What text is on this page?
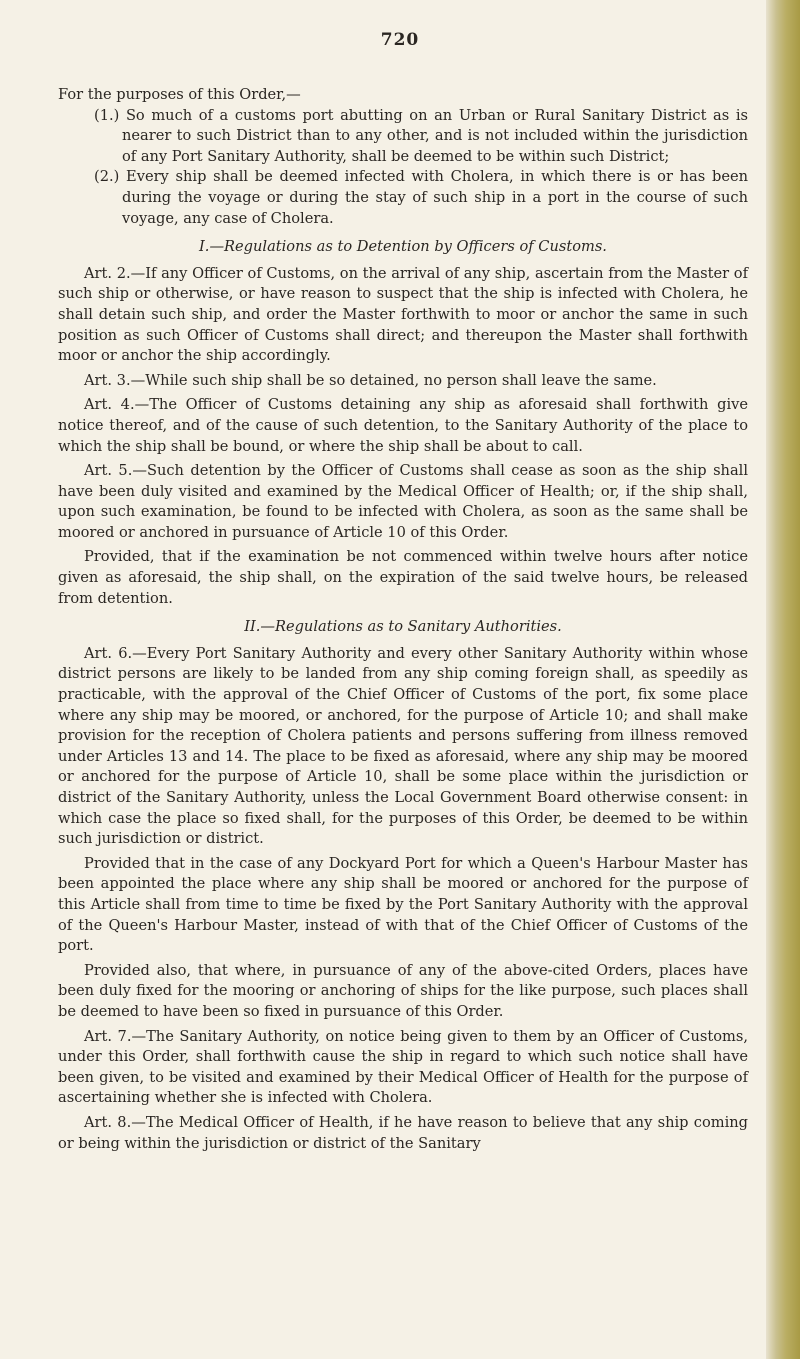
720

For the purposes of this Order,—

(1.) So much of a customs port abutting on an Urban or Rural Sanitary District as is nearer to such District than to any other, and is not included within the jurisdiction of any Port Sanitary Authority, shall be deemed to be within such District;

(2.) Every ship shall be deemed infected with Cholera, in which there is or has been during the voyage or during the stay of such ship in a port in the course of such voyage, any case of Cholera.

I.—Regulations as to Detention by Officers of Customs.

Art. 2.—If any Officer of Customs, on the arrival of any ship, ascertain from the Master of such ship or otherwise, or have reason to suspect that the ship is infected with Cholera, he shall detain such ship, and order the Master forthwith to moor or anchor the same in such position as such Officer of Customs shall direct; and thereupon the Master shall forthwith moor or anchor the ship accordingly.

Art. 3.—While such ship shall be so detained, no person shall leave the same.

Art. 4.—The Officer of Customs detaining any ship as aforesaid shall forthwith give notice thereof, and of the cause of such detention, to the Sanitary Authority of the place to which the ship shall be bound, or where the ship shall be about to call.

Art. 5.—Such detention by the Officer of Customs shall cease as soon as the ship shall have been duly visited and examined by the Medical Officer of Health; or, if the ship shall, upon such examination, be found to be infected with Cholera, as soon as the same shall be moored or anchored in pursuance of Article 10 of this Order.

Provided, that if the examination be not commenced within twelve hours after notice given as aforesaid, the ship shall, on the expiration of the said twelve hours, be released from detention.

II.—Regulations as to Sanitary Authorities.

Art. 6.—Every Port Sanitary Authority and every other Sanitary Authority within whose district persons are likely to be landed from any ship coming foreign shall, as speedily as practicable, with the approval of the Chief Officer of Customs of the port, fix some place where any ship may be moored, or anchored, for the purpose of Article 10; and shall make provision for the reception of Cholera patients and persons suffering from illness removed under Articles 13 and 14. The place to be fixed as aforesaid, where any ship may be moored or anchored for the purpose of Article 10, shall be some place within the jurisdiction or district of the Sanitary Authority, unless the Local Government Board otherwise consent: in which case the place so fixed shall, for the purposes of this Order, be deemed to be within such jurisdiction or district.

Provided that in the case of any Dockyard Port for which a Queen's Harbour Master has been appointed the place where any ship shall be moored or anchored for the purpose of this Article shall from time to time be fixed by the Port Sanitary Authority with the approval of the Queen's Harbour Master, instead of with that of the Chief Officer of Customs of the port.

Provided also, that where, in pursuance of any of the above-cited Orders, places have been duly fixed for the mooring or anchoring of ships for the like purpose, such places shall be deemed to have been so fixed in pursuance of this Order.

Art. 7.—The Sanitary Authority, on notice being given to them by an Officer of Customs, under this Order, shall forthwith cause the ship in regard to which such notice shall have been given, to be visited and examined by their Medical Officer of Health for the purpose of ascertaining whether she is infected with Cholera.

Art. 8.—The Medical Officer of Health, if he have reason to believe that any ship coming or being within the jurisdiction or district of the Sanitary
